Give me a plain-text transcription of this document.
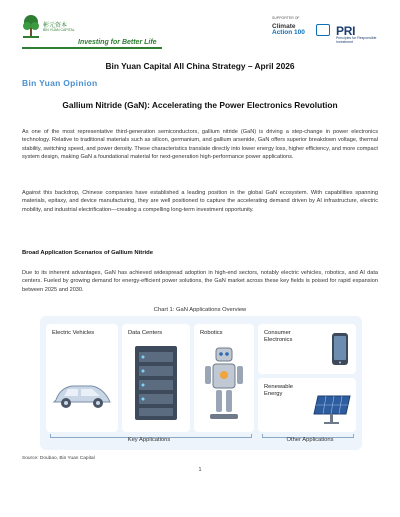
彬元资本
BIN YUAN CAPITAL
Investing for Better Life
SUPPORTER OF
Climate
Action 100	PRI
Principles for Responsible Investment
Bin Yuan Capital All China Strategy – April 2026
Bin Yuan Opinion
Gallium Nitride (GaN): Accelerating the Power Electronics Revolution

As one of the most representative third-generation semiconductors, gallium nitride (GaN) is driving a step-change in power electronics technology. Relative to traditional materials such as silicon, germanium, and gallium arsenide, GaN offers superior breakdown voltage, thermal stability, switching speed, and power density. These characteristics translate directly into lower energy loss, higher efficiency, and more compact system design, making GaN a foundational material for next-generation high-performance power applications.

Against this backdrop, Chinese companies have established a leading position in the global GaN ecosystem. With capabilities spanning materials, epitaxy, and device manufacturing, they are well positioned to capture the accelerating demand driven by AI infrastructure, electric mobility, and industrial electrification—creating a compelling long-term investment opportunity.

Broad Application Scenarios of Gallium Nitride

Due to its inherent advantages, GaN has achieved widespread adoption in high-end sectors, notably electric vehicles, robotics, and AI data centers. Fueled by growing demand for energy-efficient power solutions, the GaN market across these key fields is poised for rapid expansion between 2025 and 2030.

Chart 1: GaN Applications Overview
Electric Vehicles	Data Centers	Robotics	Consumer Electronics
Renewable Energy
Key Applications	Other Applications
Source: Doubao, Bin Yuan Capital
1
